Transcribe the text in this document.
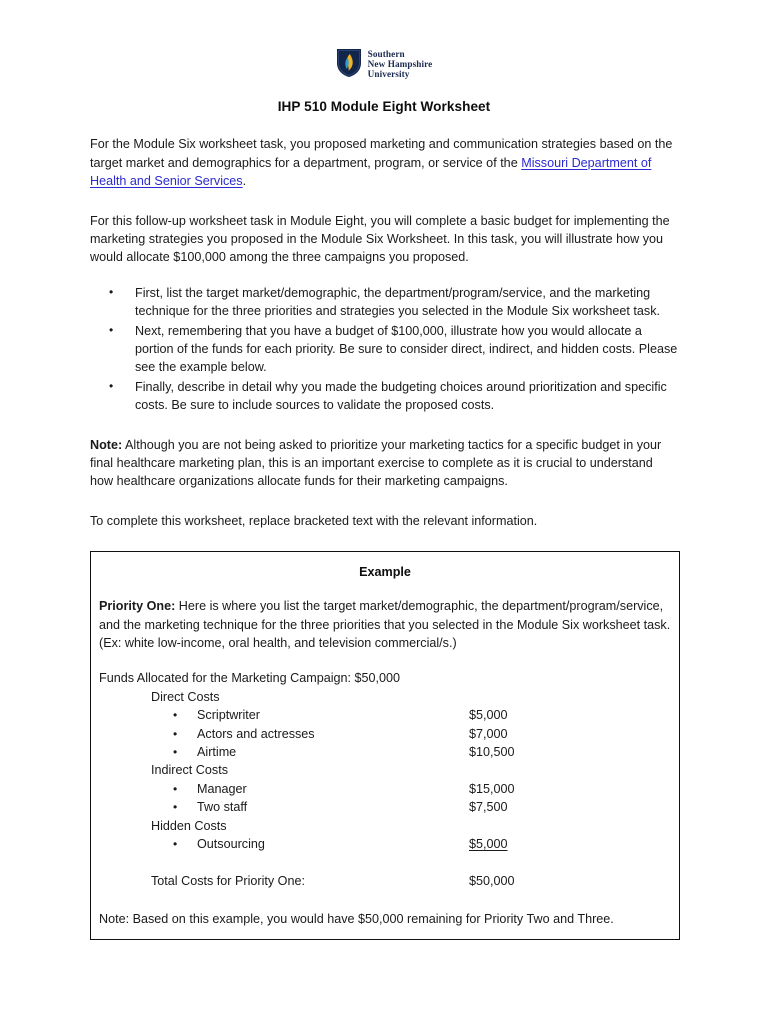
Southern
New Hampshire
University
IHP 510 Module Eight Worksheet

For the Module Six worksheet task, you proposed marketing and communication strategies based on the target market and demographics for a department, program, or service of the Missouri Department of Health and Senior Services.

For this follow-up worksheet task in Module Eight, you will complete a basic budget for implementing the marketing strategies you proposed in the Module Six Worksheet. In this task, you will illustrate how you would allocate $100,000 among the three campaigns you proposed.

• First, list the target market/demographic, the department/program/service, and the marketing technique for the three priorities and strategies you selected in the Module Six worksheet task.
• Next, remembering that you have a budget of $100,000, illustrate how you would allocate a portion of the funds for each priority. Be sure to consider direct, indirect, and hidden costs. Please see the example below.
• Finally, describe in detail why you made the budgeting choices around prioritization and specific costs. Be sure to include sources to validate the proposed costs.

Note: Although you are not being asked to prioritize your marketing tactics for a specific budget in your final healthcare marketing plan, this is an important exercise to complete as it is crucial to understand how healthcare organizations allocate funds for their marketing campaigns.

To complete this worksheet, replace bracketed text with the relevant information.

Example

Priority One: Here is where you list the target market/demographic, the department/program/service, and the marketing technique for the three priorities that you selected in the Module Six worksheet task. (Ex: white low-income, oral health, and television commercial/s.)

Funds Allocated for the Marketing Campaign: $50,000
Direct Costs
• Scriptwriter	$5,000
• Actors and actresses	$7,000
• Airtime	$10,500
Indirect Costs
• Manager	$15,000
• Two staff	$7,500
Hidden Costs
• Outsourcing	$5,000
Total Costs for Priority One:	$50,000
Note: Based on this example, you would have $50,000 remaining for Priority Two and Three.
